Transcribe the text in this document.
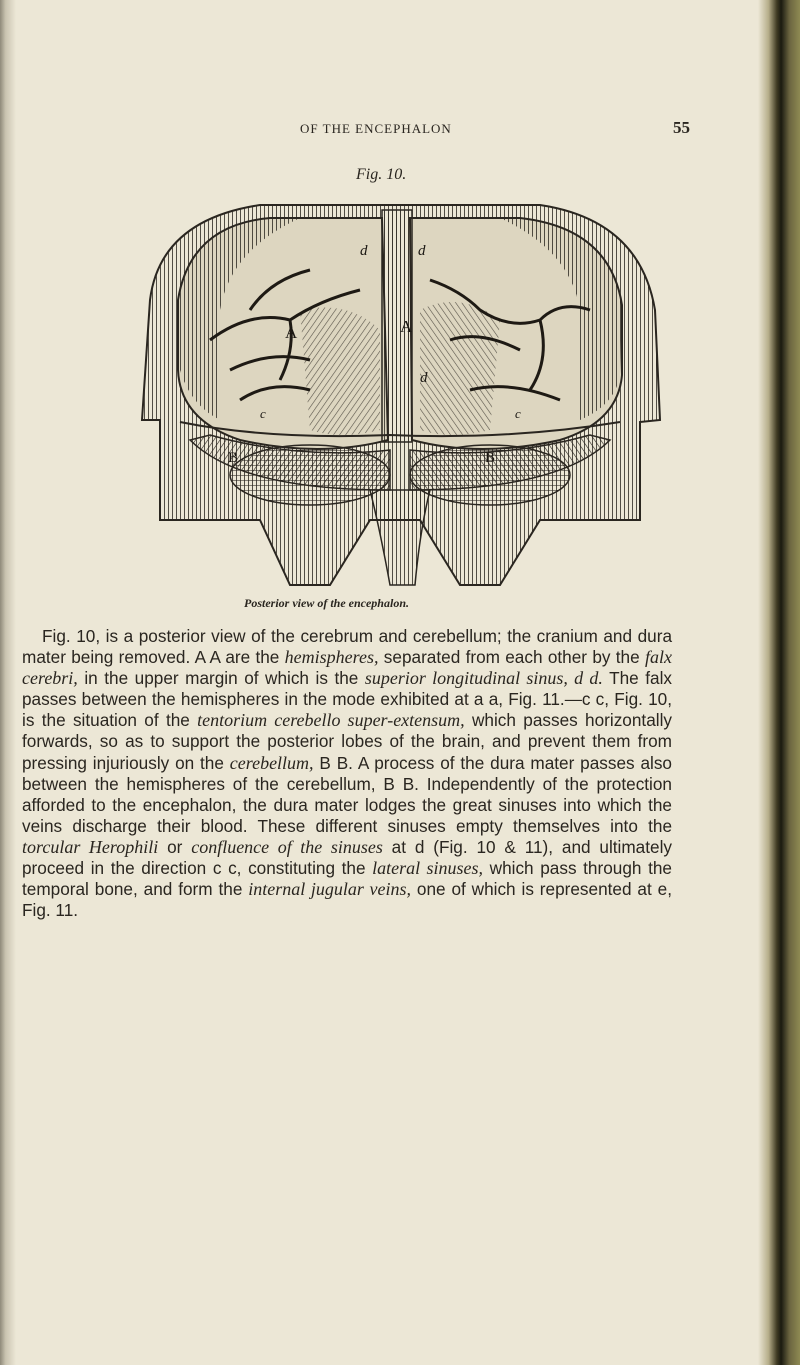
OF THE ENCEPHALON	55
Fig. 10.
d	d
A	A
d
c	c
B	B
Posterior view of the encephalon.

Fig. 10, is a posterior view of the cerebrum and cerebellum; the cranium and dura mater being removed. A A are the hemispheres, separated from each other by the falx cerebri, in the upper margin of which is the superior longitudinal sinus, d d. The falx passes between the hemispheres in the mode exhibited at a a, Fig. 11.—c c, Fig. 10, is the situation of the tentorium cerebello super-extensum, which passes horizontally forwards, so as to support the posterior lobes of the brain, and prevent them from pressing injuriously on the cerebellum, B B. A process of the dura mater passes also between the hemispheres of the cerebellum, B B. Independently of the protection afforded to the encephalon, the dura mater lodges the great sinuses into which the veins discharge their blood. These different sinuses empty themselves into the torcular Herophili or confluence of the sinuses at d (Fig. 10 & 11), and ultimately proceed in the direction c c, constituting the lateral sinuses, which pass through the temporal bone, and form the internal jugular veins, one of which is represented at e, Fig. 11.
